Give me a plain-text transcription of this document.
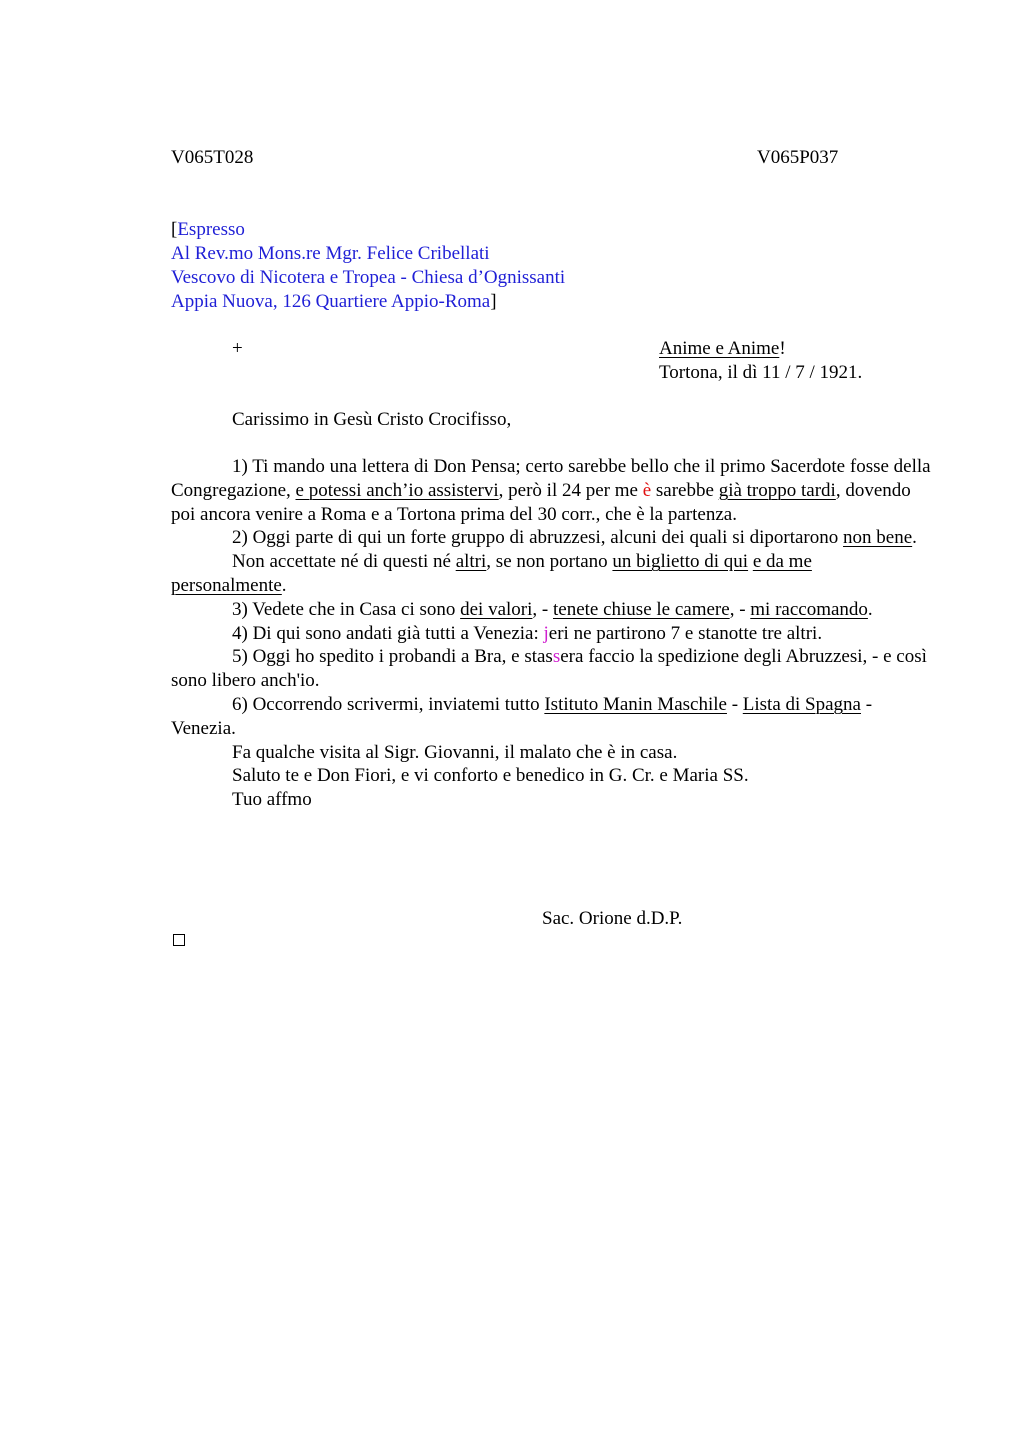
V065T028	V065P037
[Espresso
Al Rev.mo Mons.re Mgr. Felice Cribellati
Vescovo di Nicotera e Tropea - Chiesa d’Ognissanti
Appia Nuova, 126 Quartiere Appio-Roma]
+	Anime e Anime!
Tortona, il dì 11 / 7 / 1921.
Carissimo in Gesù Cristo Crocifisso,

1) Ti mando una lettera di Don Pensa; certo sarebbe bello che il primo Sacerdote fosse della Congregazione, e potessi anch’io assistervi, però il 24 per me è sarebbe già troppo tardi, dovendo poi ancora venire a Roma e a Tortona prima del 30 corr., che è la partenza.

2) Oggi parte di qui un forte gruppo di abruzzesi, alcuni dei quali si diportarono non bene.

Non accettate né di questi né altri, se non portano un biglietto di qui e da me personalmente.

3) Vedete che in Casa ci sono dei valori, - tenete chiuse le camere, - mi raccomando.

4) Di qui sono andati già tutti a Venezia: jeri ne partirono 7 e stanotte tre altri.

5) Oggi ho spedito i probandi a Bra, e stassera faccio la spedizione degli Abruzzesi, - e così sono libero anch'io.

6) Occorrendo scrivermi, inviatemi tutto Istituto Manin Maschile - Lista di Spagna - Venezia.

Fa qualche visita al Sigr. Giovanni, il malato che è in casa.

Saluto te e Don Fiori, e vi conforto e benedico in G. Cr. e Maria SS.

Tuo affmo

Sac. Orione d.D.P.
